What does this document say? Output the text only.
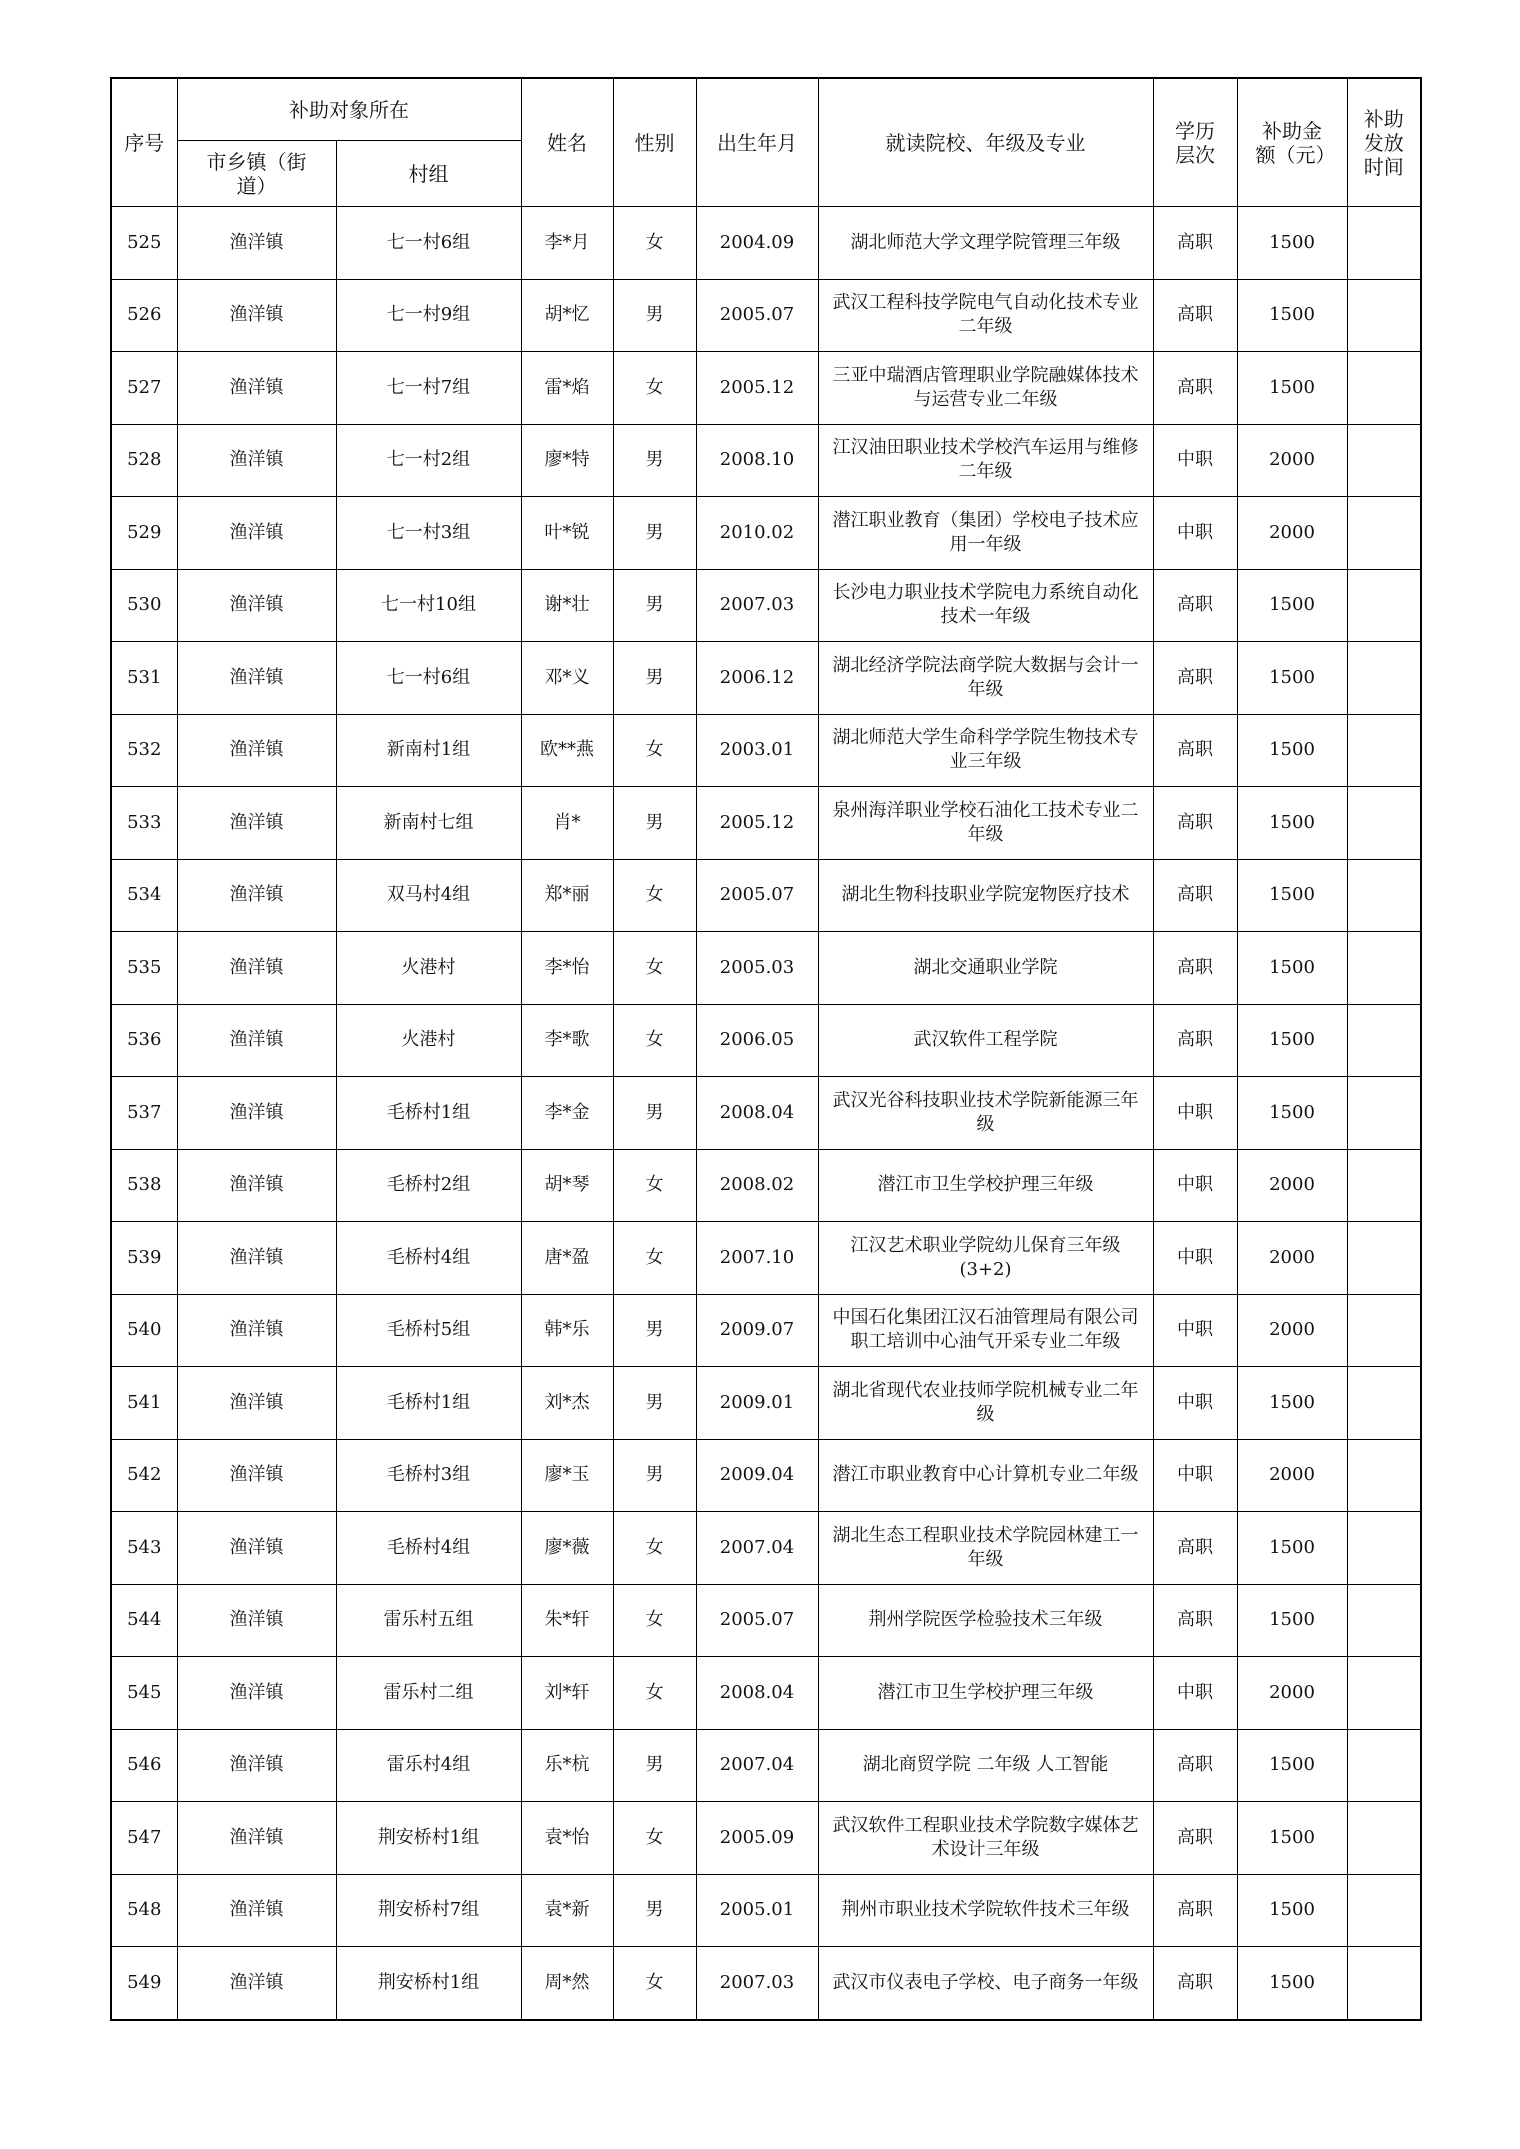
序号	补助对象所在		姓名	性别	出生年月	就读院校、年级及专业	学历层次	补助金额（元）	补助发放时间
	市乡镇（街道）	村组							
525	渔洋镇	七一村6组	李*月	女	2004.09	湖北师范大学文理学院管理三年级	高职	1500	
526	渔洋镇	七一村9组	胡*忆	男	2005.07	武汉工程科技学院电气自动化技术专业二年级	高职	1500	
527	渔洋镇	七一村7组	雷*焰	女	2005.12	三亚中瑞酒店管理职业学院融媒体技术与运营专业二年级	高职	1500	
528	渔洋镇	七一村2组	廖*特	男	2008.10	江汉油田职业技术学校汽车运用与维修二年级	中职	2000	
529	渔洋镇	七一村3组	叶*锐	男	2010.02	潜江职业教育（集团）学校电子技术应用一年级	中职	2000	
530	渔洋镇	七一村10组	谢*壮	男	2007.03	长沙电力职业技术学院电力系统自动化技术一年级	高职	1500	
531	渔洋镇	七一村6组	邓*义	男	2006.12	湖北经济学院法商学院大数据与会计一年级	高职	1500	
532	渔洋镇	新南村1组	欧**燕	女	2003.01	湖北师范大学生命科学学院生物技术专业三年级	高职	1500	
533	渔洋镇	新南村七组	肖*	男	2005.12	泉州海洋职业学校石油化工技术专业二年级	高职	1500	
534	渔洋镇	双马村4组	郑*丽	女	2005.07	湖北生物科技职业学院宠物医疗技术	高职	1500	
535	渔洋镇	火港村	李*怡	女	2005.03	湖北交通职业学院	高职	1500	
536	渔洋镇	火港村	李*歌	女	2006.05	武汉软件工程学院	高职	1500	
537	渔洋镇	毛桥村1组	李*金	男	2008.04	武汉光谷科技职业技术学院新能源三年级	中职	1500	
538	渔洋镇	毛桥村2组	胡*琴	女	2008.02	潜江市卫生学校护理三年级	中职	2000	
539	渔洋镇	毛桥村4组	唐*盈	女	2007.10	江汉艺术职业学院幼儿保育三年级(3+2)	中职	2000	
540	渔洋镇	毛桥村5组	韩*乐	男	2009.07	中国石化集团江汉石油管理局有限公司职工培训中心油气开采专业二年级	中职	2000	
541	渔洋镇	毛桥村1组	刘*杰	男	2009.01	湖北省现代农业技师学院机械专业二年级	中职	1500	
542	渔洋镇	毛桥村3组	廖*玉	男	2009.04	潜江市职业教育中心计算机专业二年级	中职	2000	
543	渔洋镇	毛桥村4组	廖*薇	女	2007.04	湖北生态工程职业技术学院园林建工一年级	高职	1500	
544	渔洋镇	雷乐村五组	朱*轩	女	2005.07	荆州学院医学检验技术三年级	高职	1500	
545	渔洋镇	雷乐村二组	刘*轩	女	2008.04	潜江市卫生学校护理三年级	中职	2000	
546	渔洋镇	雷乐村4组	乐*杭	男	2007.04	湖北商贸学院 二年级 人工智能	高职	1500	
547	渔洋镇	荆安桥村1组	袁*怡	女	2005.09	武汉软件工程职业技术学院数字媒体艺术设计三年级	高职	1500	
548	渔洋镇	荆安桥村7组	袁*新	男	2005.01	荆州市职业技术学院软件技术三年级	高职	1500	
549	渔洋镇	荆安桥村1组	周*然	女	2007.03	武汉市仪表电子学校、电子商务一年级	高职	1500	
